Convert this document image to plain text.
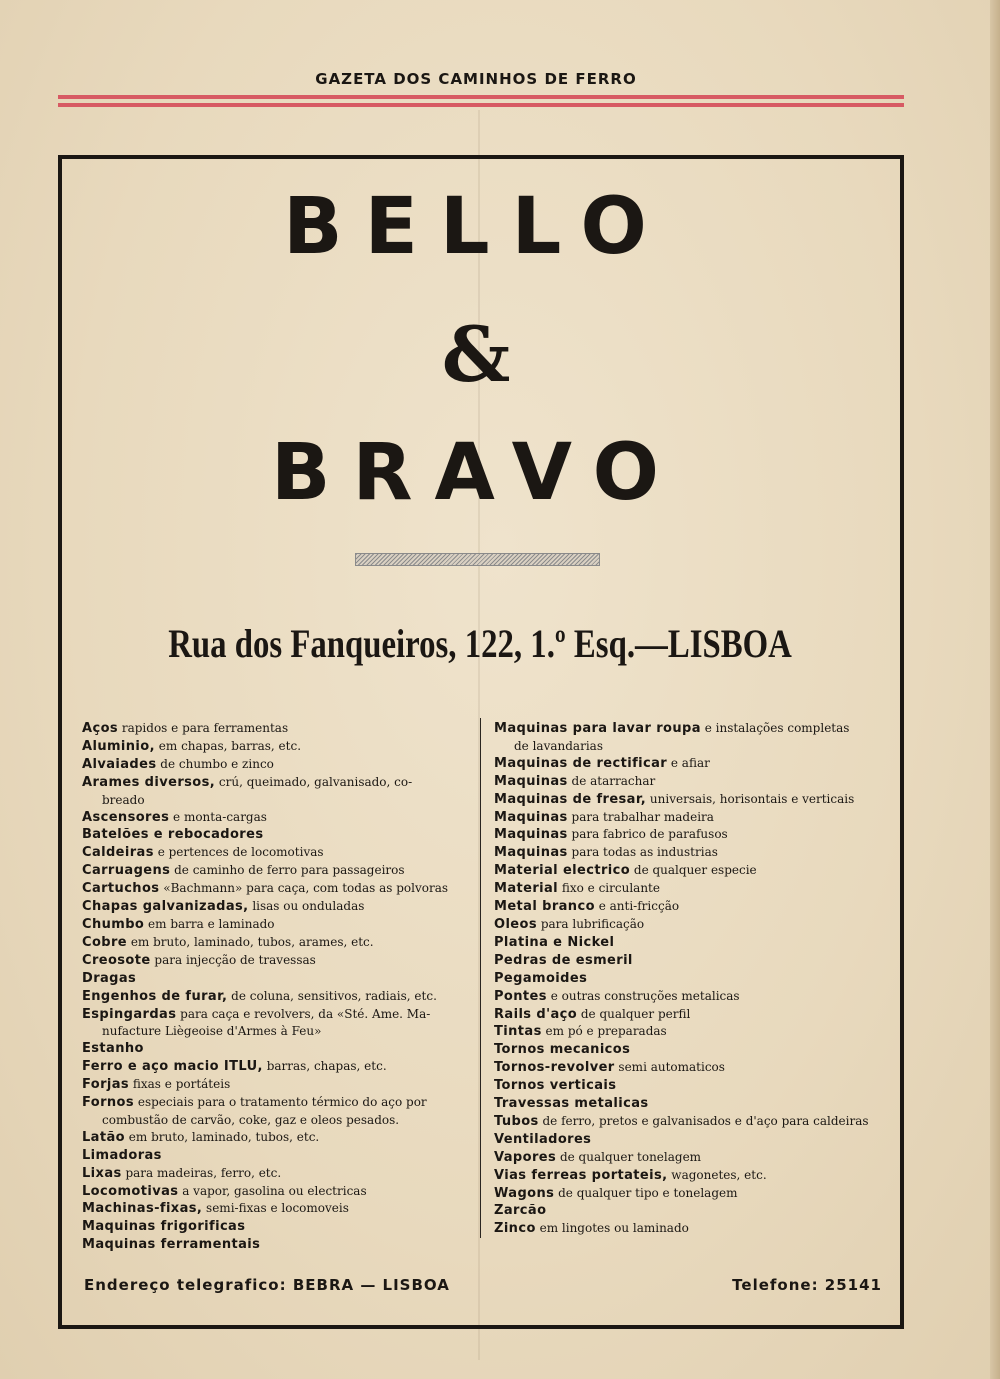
GAZETA DOS CAMINHOS DE FERRO
BELLO
&
BRAVO
Rua dos Fanqueiros, 122, 1.º Esq.—LISBOA
Aços rapidos e para ferramentas
Aluminio, em chapas, barras, etc.
Alvaiades de chumbo e zinco
Arames diversos, crú, queimado, galvanisado, co-
breado
Ascensores e monta-cargas
Batelões e rebocadores
Caldeiras e pertences de locomotivas
Carruagens de caminho de ferro para passageiros
Cartuchos «Bachmann» para caça, com todas as polvoras
Chapas galvanizadas, lisas ou onduladas
Chumbo em barra e laminado
Cobre em bruto, laminado, tubos, arames, etc.
Creosote para injecção de travessas
Dragas
Engenhos de furar, de coluna, sensitivos, radiais, etc.
Espingardas para caça e revolvers, da «Sté. Ame. Ma-
nufacture Liègeoise d'Armes à Feu»
Estanho
Ferro e aço macio ITLU, barras, chapas, etc.
Forjas fixas e portáteis
Fornos especiais para o tratamento térmico do aço por
combustão de carvão, coke, gaz e oleos pesados.
Latão em bruto, laminado, tubos, etc.
Limadoras
Lixas para madeiras, ferro, etc.
Locomotivas a vapor, gasolina ou electricas
Machinas-fixas, semi-fixas e locomoveis
Maquinas frigorificas
Maquinas ferramentais
Maquinas para lavar roupa e instalações completas
de lavandarias
Maquinas de rectificar e afiar
Maquinas de atarrachar
Maquinas de fresar, universais, horisontais e verticais
Maquinas para trabalhar madeira
Maquinas para fabrico de parafusos
Maquinas para todas as industrias
Material electrico de qualquer especie
Material fixo e circulante
Metal branco e anti-fricção
Oleos para lubrificação
Platina e Nickel
Pedras de esmeril
Pegamoides
Pontes e outras construções metalicas
Rails d'aço de qualquer perfil
Tintas em pó e preparadas
Tornos mecanicos
Tornos-revolver semi automaticos
Tornos verticais
Travessas metalicas
Tubos de ferro, pretos e galvanisados e d'aço para caldeiras
Ventiladores
Vapores de qualquer tonelagem
Vias ferreas portateis, wagonetes, etc.
Wagons de qualquer tipo e tonelagem
Zarcão
Zinco em lingotes ou laminado
Endereço telegrafico: BEBRA — LISBOA	Telefone: 25141
